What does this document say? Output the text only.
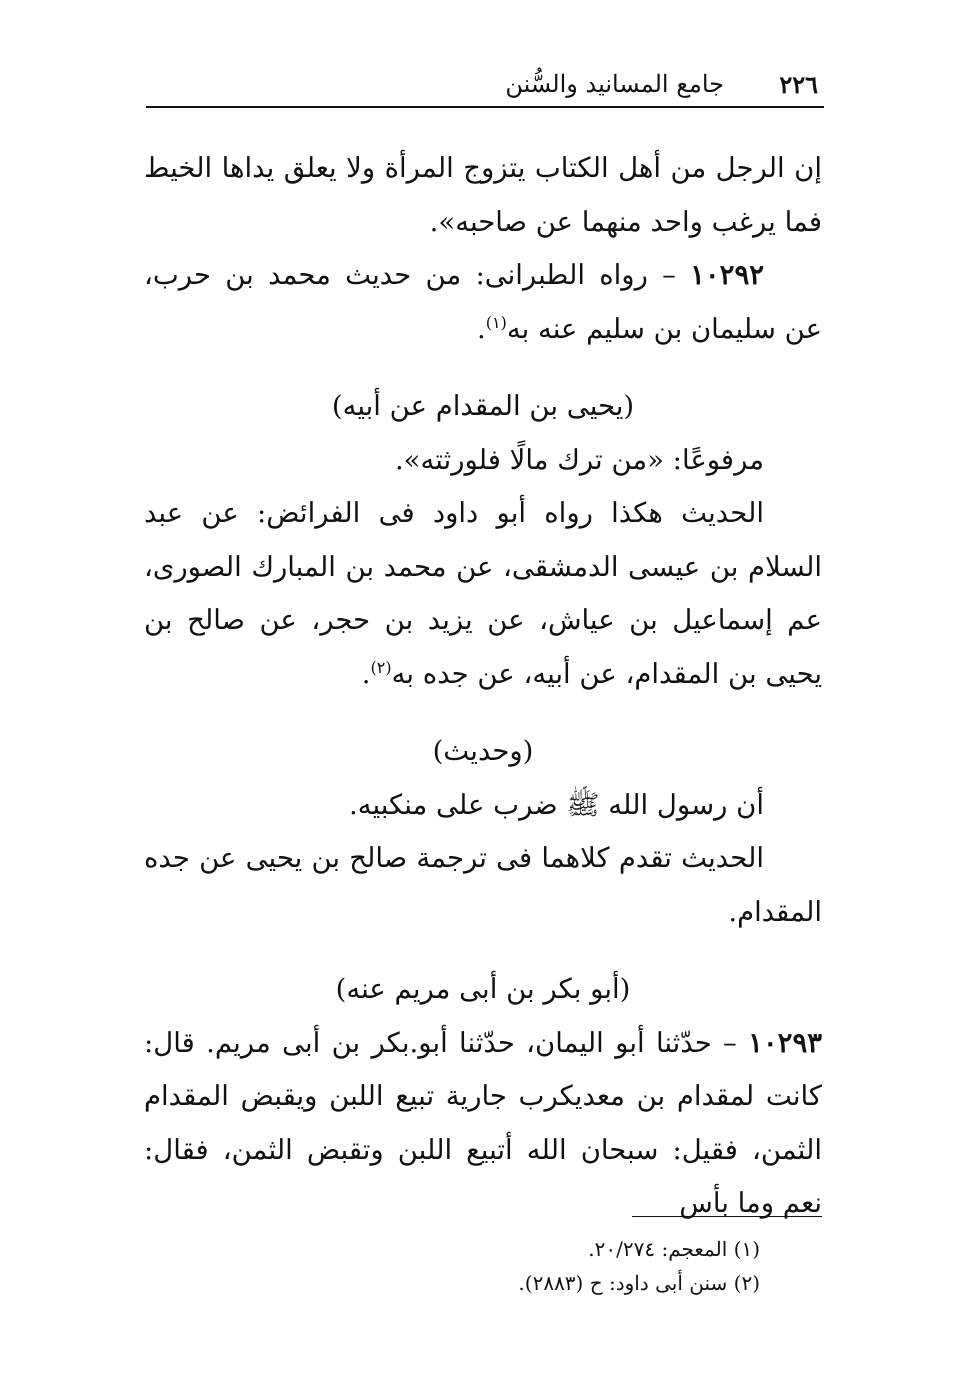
٢٢٦
جامع المسانيد والسُّنن

إن الرجل من أهل الكتاب يتزوج المرأة ولا يعلق يداها الخيط فما يرغب واحد منهما عن صاحبه».

١٠٢٩٢ – رواه الطبرانى: من حديث محمد بن حرب، عن سليمان بن سليم عنه به$^{(١)}$.

(يحيى بن المقدام عن أبيه)

مرفوعًا: «من ترك مالًا فلورثته».

الحديث هكذا رواه أبو داود فى الفرائض: عن عبد السلام بن عيسى الدمشقى، عن محمد بن المبارك الصورى، عم إسماعيل بن عياش، عن يزيد بن حجر، عن صالح بن يحيى بن المقدام، عن أبيه، عن جده به$^{(٢)}$.

(وحديث)

أن رسول الله ﷺ ضرب على منكبيه.

الحديث تقدم كلاهما فى ترجمة صالح بن يحيى عن جده المقدام.

(أبو بكر بن أبى مريم عنه)

١٠٢٩٣ – حدّثنا أبو اليمان، حدّثنا أبو.بكر بن أبى مريم. قال: كانت لمقدام بن معديكرب جارية تبيع اللبن ويقبض المقدام الثمن، فقيل: سبحان الله أتبيع اللبن وتقبض الثمن، فقال: نعم وما بأس

(١) المعجم: ٢٠/٢٧٤.

(٢) سنن أبى داود: ح (٢٨٨٣).
